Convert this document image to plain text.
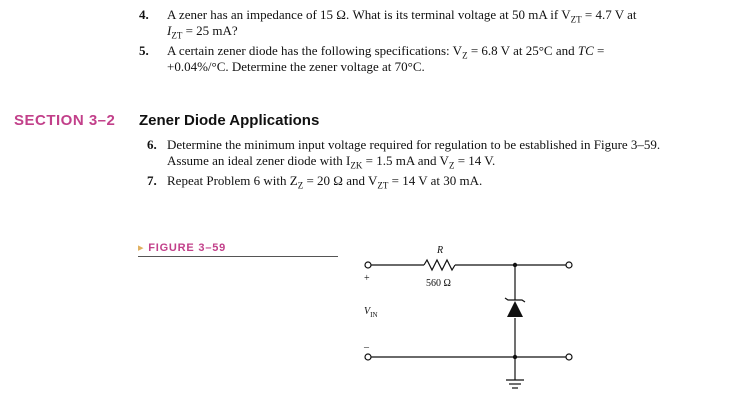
4. A zener has an impedance of 15 Ω. What is its terminal voltage at 50 mA if $V_{ZT} = 4.7$ V at
$I_{ZT} = 25$ mA?
5. A certain zener diode has the following specifications: $V_Z = 6.8$ V at 25°C and TC =
+0.04%/°C. Determine the zener voltage at 70°C.
SECTION 3–2 Zener Diode Applications
6. Determine the minimum input voltage required for regulation to be established in Figure 3–59.
Assume an ideal zener diode with $I_{ZK} = 1.5$ mA and $V_Z = 14$ V.
7. Repeat Problem 6 with $Z_Z = 20$ Ω and $V_{ZT} = 14$ V at 30 mA.
▸ FIGURE 3–59	R
560 Ω
+
–
$V_{IN}$
